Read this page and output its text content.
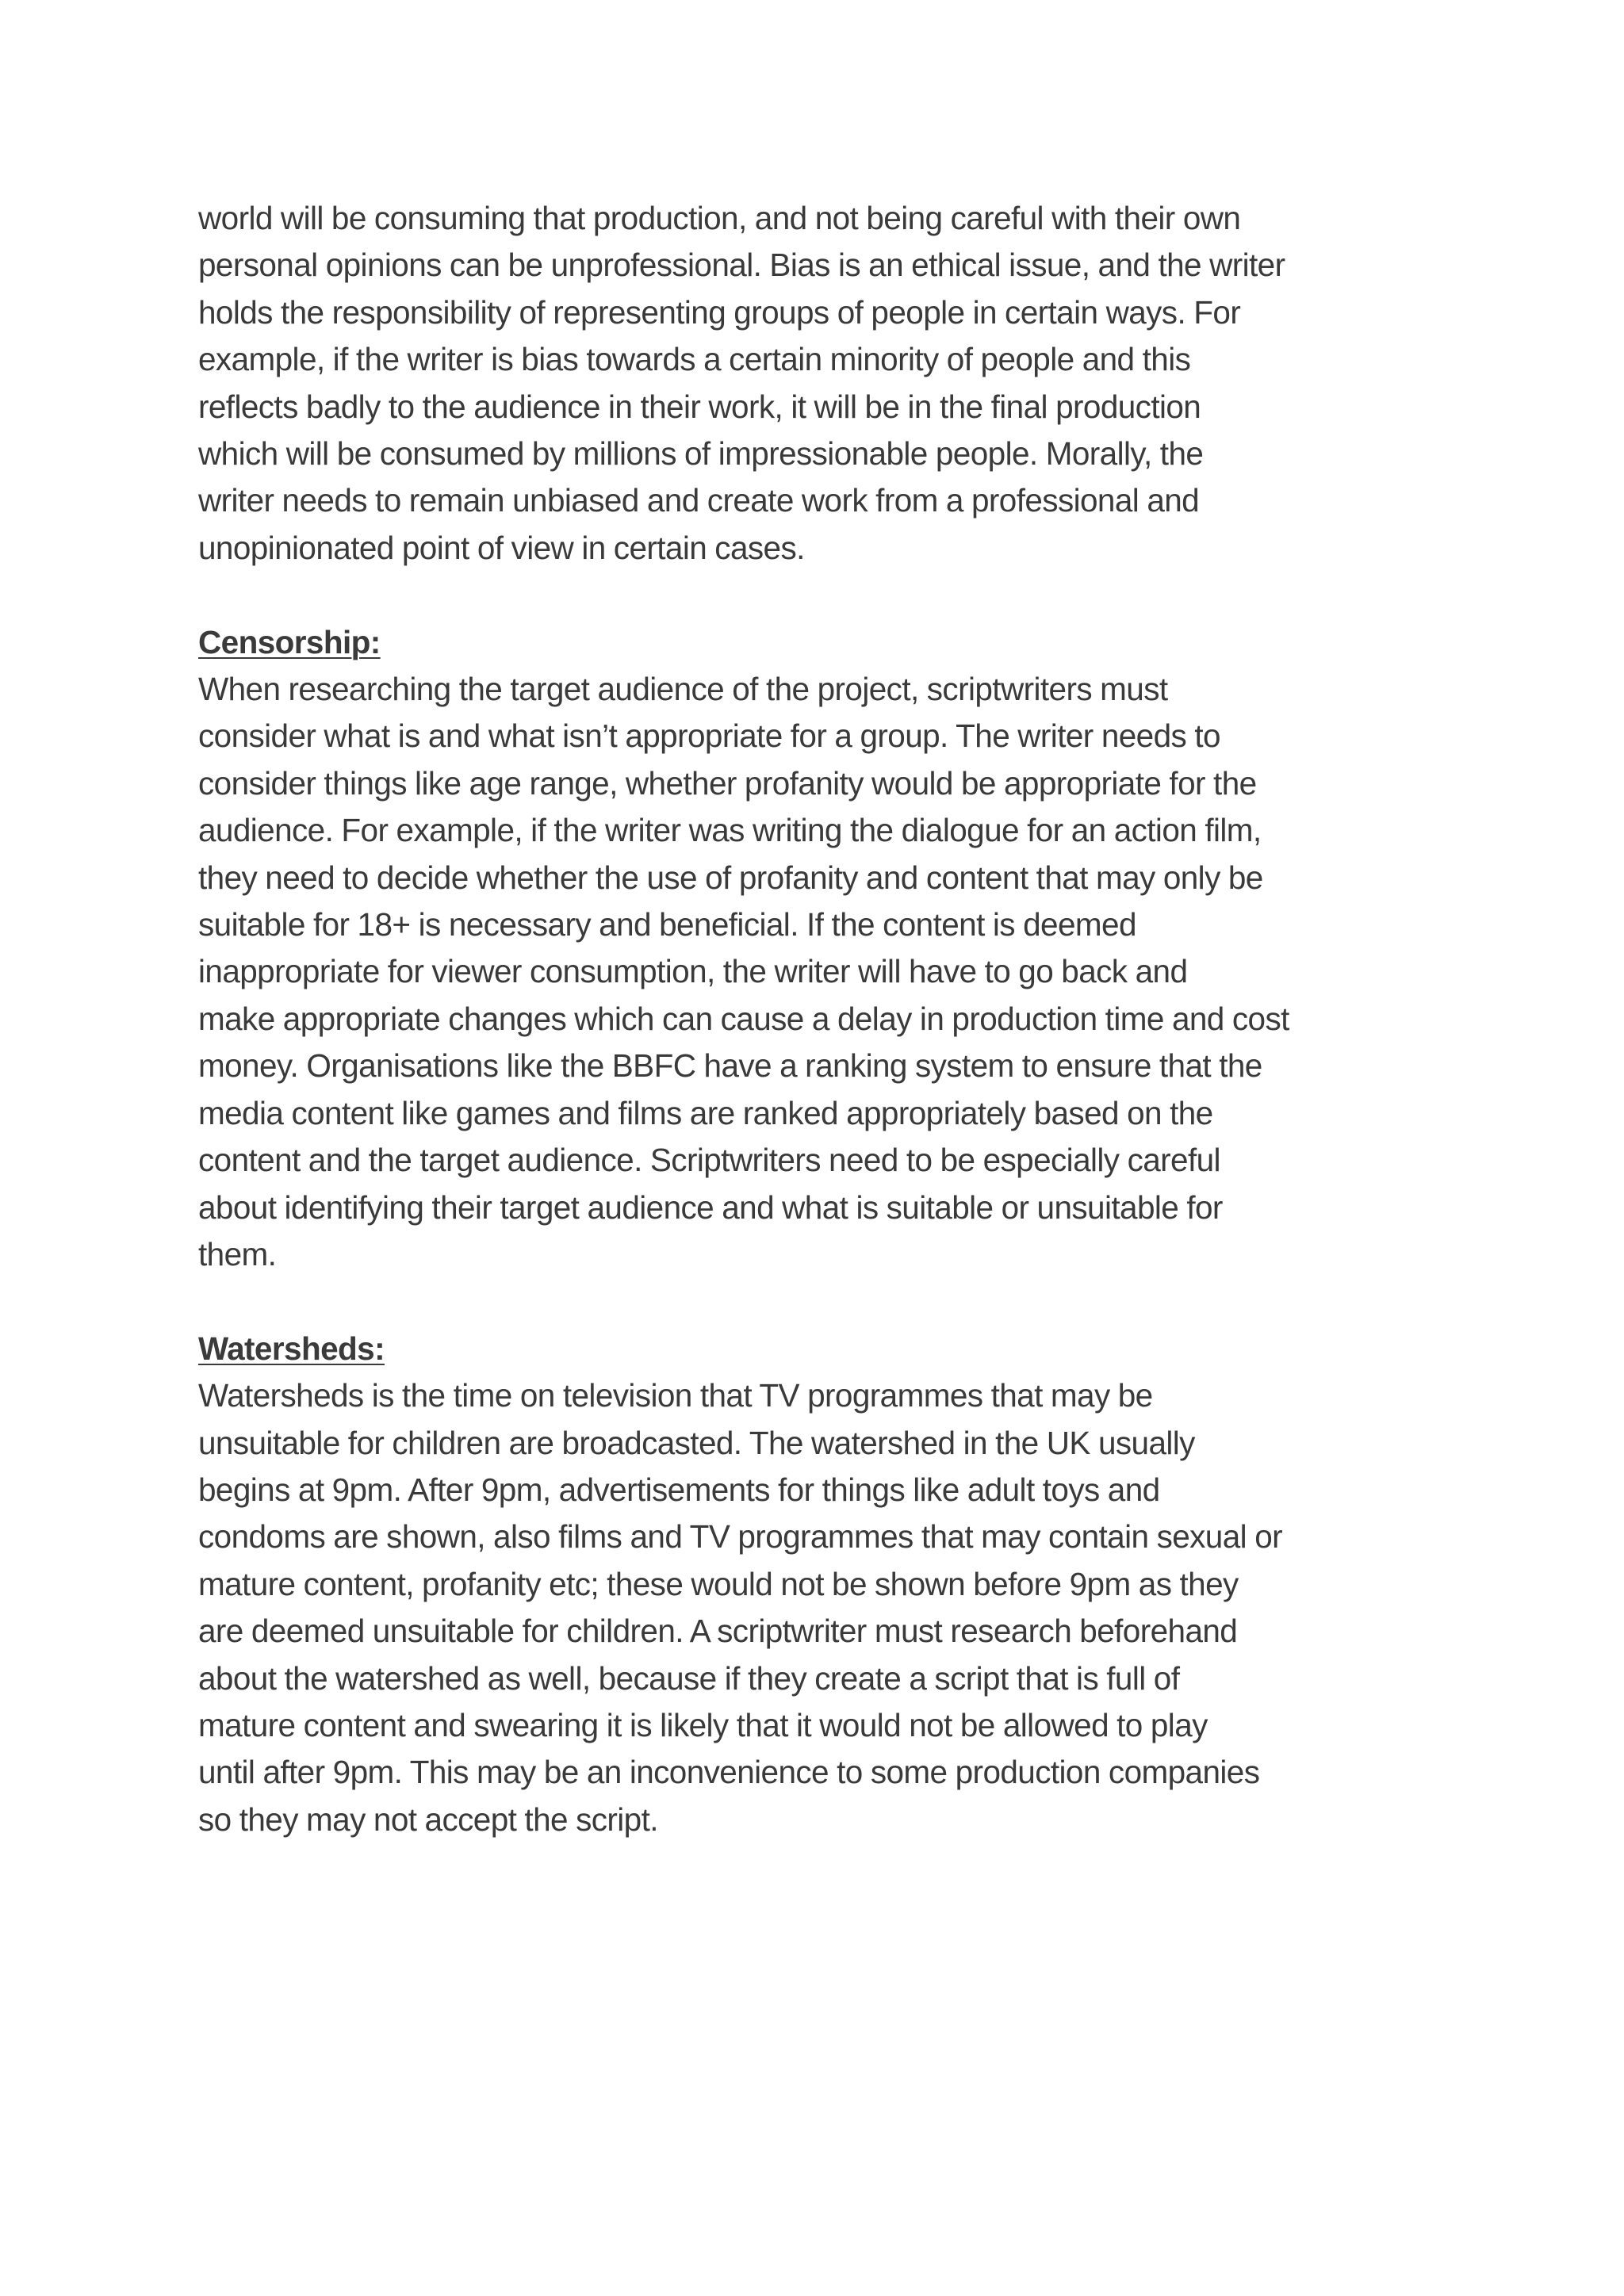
world will be consuming that production, and not being careful with their own
personal opinions can be unprofessional. Bias is an ethical issue, and the writer
holds the responsibility of representing groups of people in certain ways. For
example, if the writer is bias towards a certain minority of people and this
reflects badly to the audience in their work, it will be in the final production
which will be consumed by millions of impressionable people. Morally, the
writer needs to remain unbiased and create work from a professional and
unopinionated point of view in certain cases.

Censorship:

When researching the target audience of the project, scriptwriters must
consider what is and what isn’t appropriate for a group. The writer needs to
consider things like age range, whether profanity would be appropriate for the
audience. For example, if the writer was writing the dialogue for an action film,
they need to decide whether the use of profanity and content that may only be
suitable for 18+ is necessary and beneficial. If the content is deemed
inappropriate for viewer consumption, the writer will have to go back and
make appropriate changes which can cause a delay in production time and cost
money. Organisations like the BBFC have a ranking system to ensure that the
media content like games and films are ranked appropriately based on the
content and the target audience. Scriptwriters need to be especially careful
about identifying their target audience and what is suitable or unsuitable for
them.

Watersheds:

Watersheds is the time on television that TV programmes that may be
unsuitable for children are broadcasted. The watershed in the UK usually
begins at 9pm. After 9pm, advertisements for things like adult toys and
condoms are shown, also films and TV programmes that may contain sexual or
mature content, profanity etc; these would not be shown before 9pm as they
are deemed unsuitable for children. A scriptwriter must research beforehand
about the watershed as well, because if they create a script that is full of
mature content and swearing it is likely that it would not be allowed to play
until after 9pm. This may be an inconvenience to some production companies
so they may not accept the script.
